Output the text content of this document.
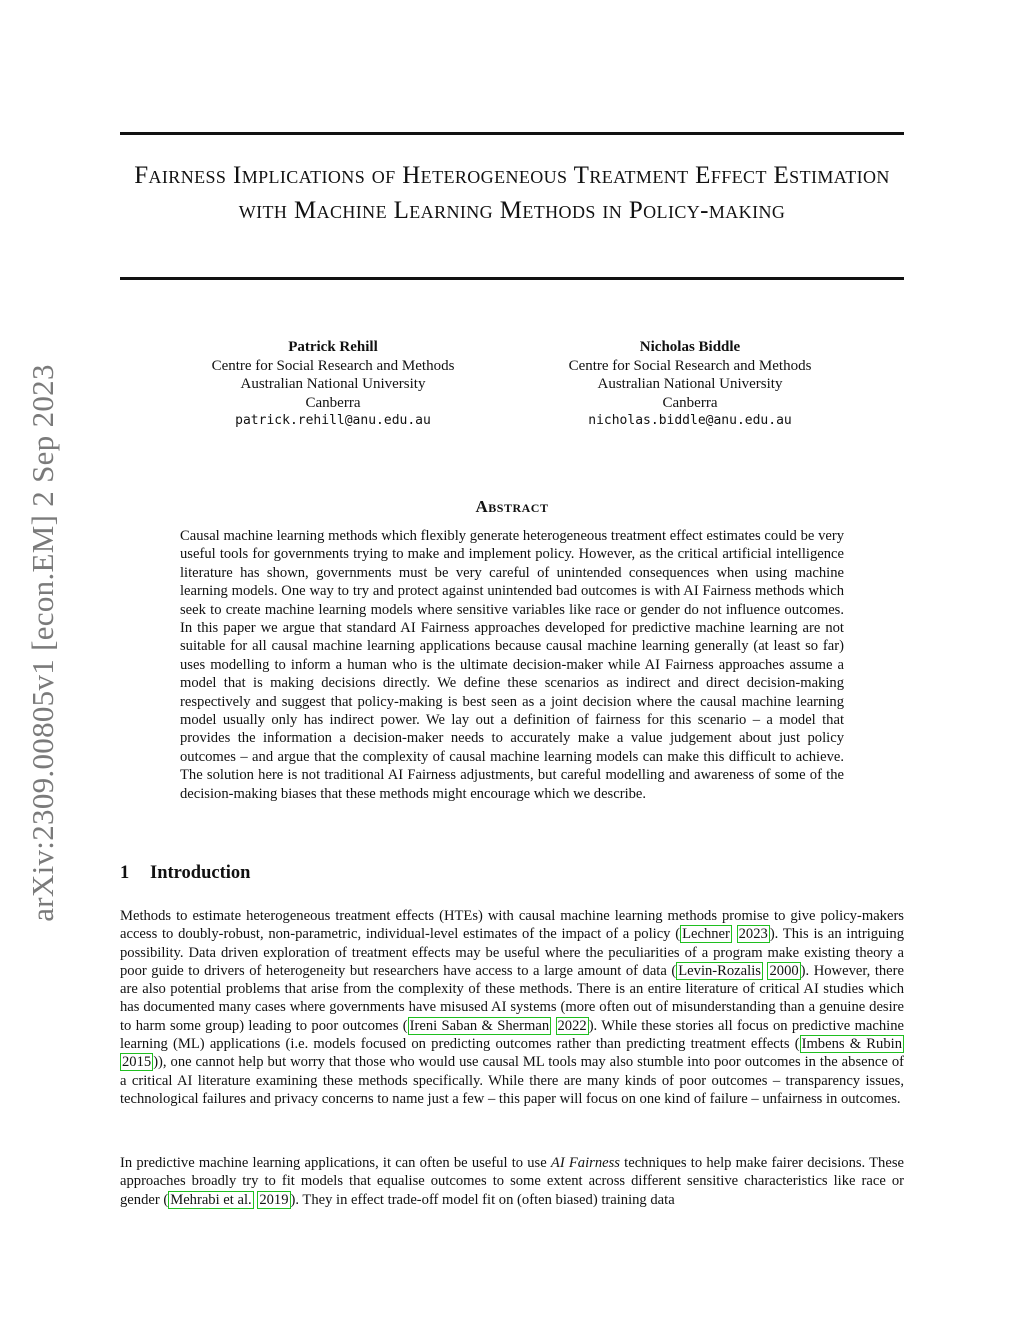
arXiv:2309.00805v1 [econ.EM] 2 Sep 2023
Fairness Implications of Heterogeneous Treatment Effect Estimation with Machine Learning Methods in Policy-making
Patrick Rehill
Centre for Social Research and Methods
Australian National University
Canberra
patrick.rehill@anu.edu.au
Nicholas Biddle
Centre for Social Research and Methods
Australian National University
Canberra
nicholas.biddle@anu.edu.au
Abstract

Causal machine learning methods which flexibly generate heterogeneous treatment effect estimates could be very useful tools for governments trying to make and implement policy. However, as the critical artificial intelligence literature has shown, governments must be very careful of unintended consequences when using machine learning models. One way to try and protect against unintended bad outcomes is with AI Fairness methods which seek to create machine learning models where sensitive variables like race or gender do not influence outcomes. In this paper we argue that standard AI Fairness approaches developed for predictive machine learning are not suitable for all causal machine learning applications because causal machine learning generally (at least so far) uses modelling to inform a human who is the ultimate decision-maker while AI Fairness approaches assume a model that is making decisions directly. We define these scenarios as indirect and direct decision-making respectively and suggest that policy-making is best seen as a joint decision where the causal machine learning model usually only has indirect power. We lay out a definition of fairness for this scenario – a model that provides the information a decision-maker needs to accurately make a value judgement about just policy outcomes – and argue that the complexity of causal machine learning models can make this difficult to achieve. The solution here is not traditional AI Fairness adjustments, but careful modelling and awareness of some of the decision-making biases that these methods might encourage which we describe.

1 Introduction

Methods to estimate heterogeneous treatment effects (HTEs) with causal machine learning methods promise to give policy-makers access to doubly-robust, non-parametric, individual-level estimates of the impact of a policy ( Lechner 2023 ). This is an intriguing possibility. Data driven exploration of treatment effects may be useful where the peculiarities of a program make existing theory a poor guide to drivers of heterogeneity but researchers have access to a large amount of data ( Levin-Rozalis 2000 ). However, there are also potential problems that arise from the complexity of these methods. There is an entire literature of critical AI studies which has documented many cases where governments have misused AI systems (more often out of misunderstanding than a genuine desire to harm some group) leading to poor outcomes ( Ireni Saban & Sherman 2022 ). While these stories all focus on predictive machine learning (ML) applications (i.e. models focused on predicting outcomes rather than predicting treatment effects ( Imbens & Rubin 2015 )), one cannot help but worry that those who would use causal ML tools may also stumble into poor outcomes in the absence of a critical AI literature examining these methods specifically. While there are many kinds of poor outcomes – transparency issues, technological failures and privacy concerns to name just a few – this paper will focus on one kind of failure – unfairness in outcomes.

In predictive machine learning applications, it can often be useful to use AI Fairness techniques to help make fairer decisions. These approaches broadly try to fit models that equalise outcomes to some extent across different sensitive characteristics like race or gender ( Mehrabi et al. 2019 ). They in effect trade-off model fit on (often biased) training data
